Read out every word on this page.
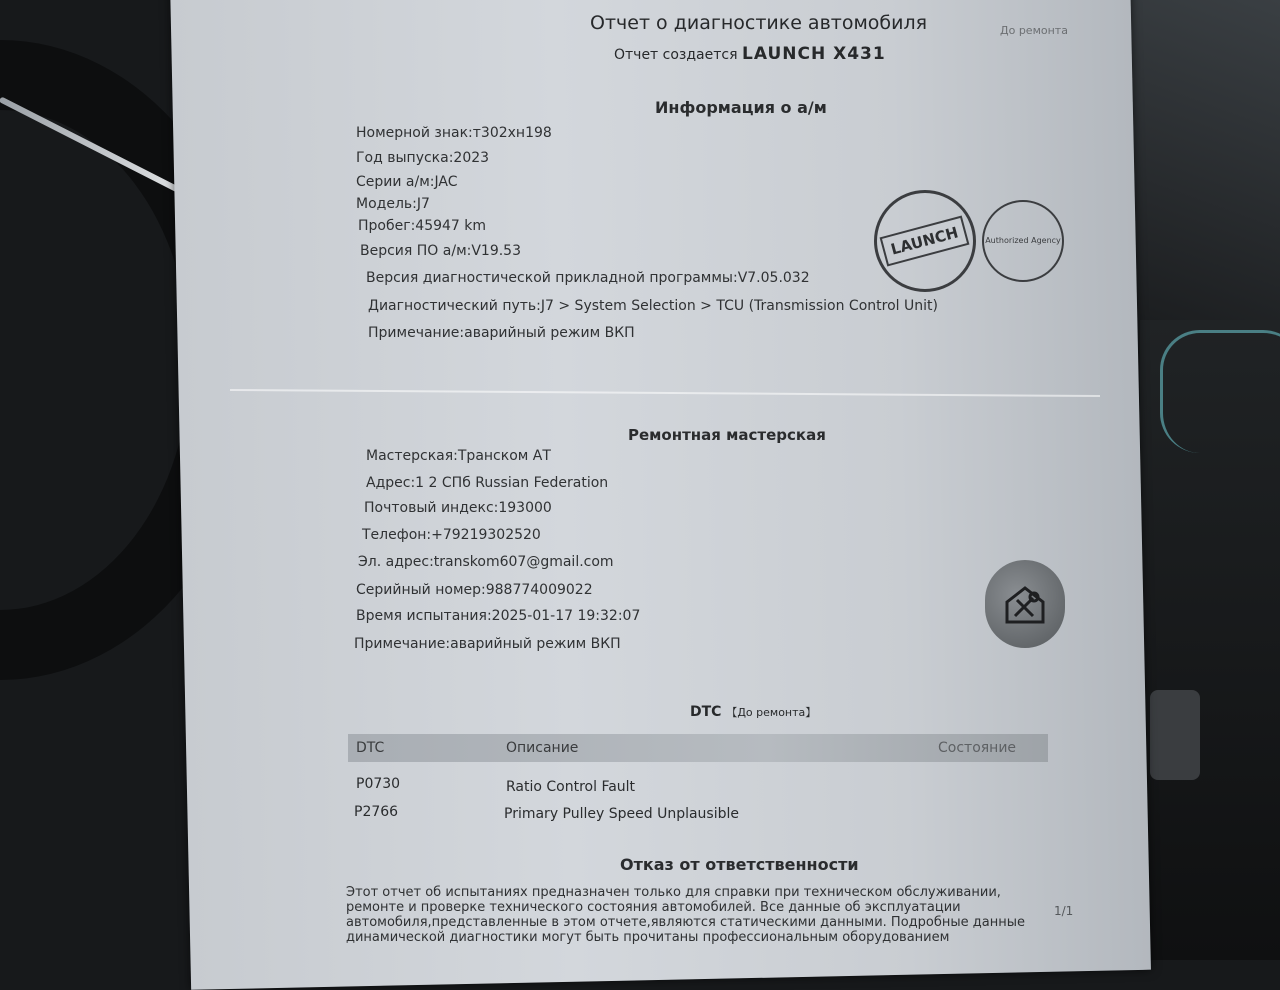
Отчет о диагностике автомобиля
Отчет создается LAUNCH X431
До ремонта
Информация о а/м
Номерной знак:т302хн198
Год выпуска:2023
Серии а/м:JAC
Модель:J7
Пробег:45947 km
Версия ПО а/м:V19.53
Версия диагностической прикладной программы:V7.05.032
Диагностический путь:J7 > System Selection > TCU (Transmission Control Unit)
Примечание:аварийный режим ВКП
LAUNCH	Authorized Agency
Ремонтная мастерская
Мастерская:Транском АТ
Адрес:1 2 СПб Russian Federation
Почтовый индекс:193000
Телефон:+79219302520
Эл. адрес:transkom607@gmail.com
Серийный номер:988774009022
Время испытания:2025-01-17 19:32:07
Примечание:аварийный режим ВКП
DTC 【До ремонта】
DTC	Описание	Состояние
P0730	Ratio Control Fault
P2766	Primary Pulley Speed Unplausible
Отказ от ответственности
Этот отчет об испытаниях предназначен только для справки при техническом обслуживании, ремонте и проверке технического состояния автомобилей. Все данные об эксплуатации автомобиля,представленные в этом отчете,являются статическими данными. Подробные данные динамической диагностики могут быть прочитаны профессиональным оборудованием
1/1
